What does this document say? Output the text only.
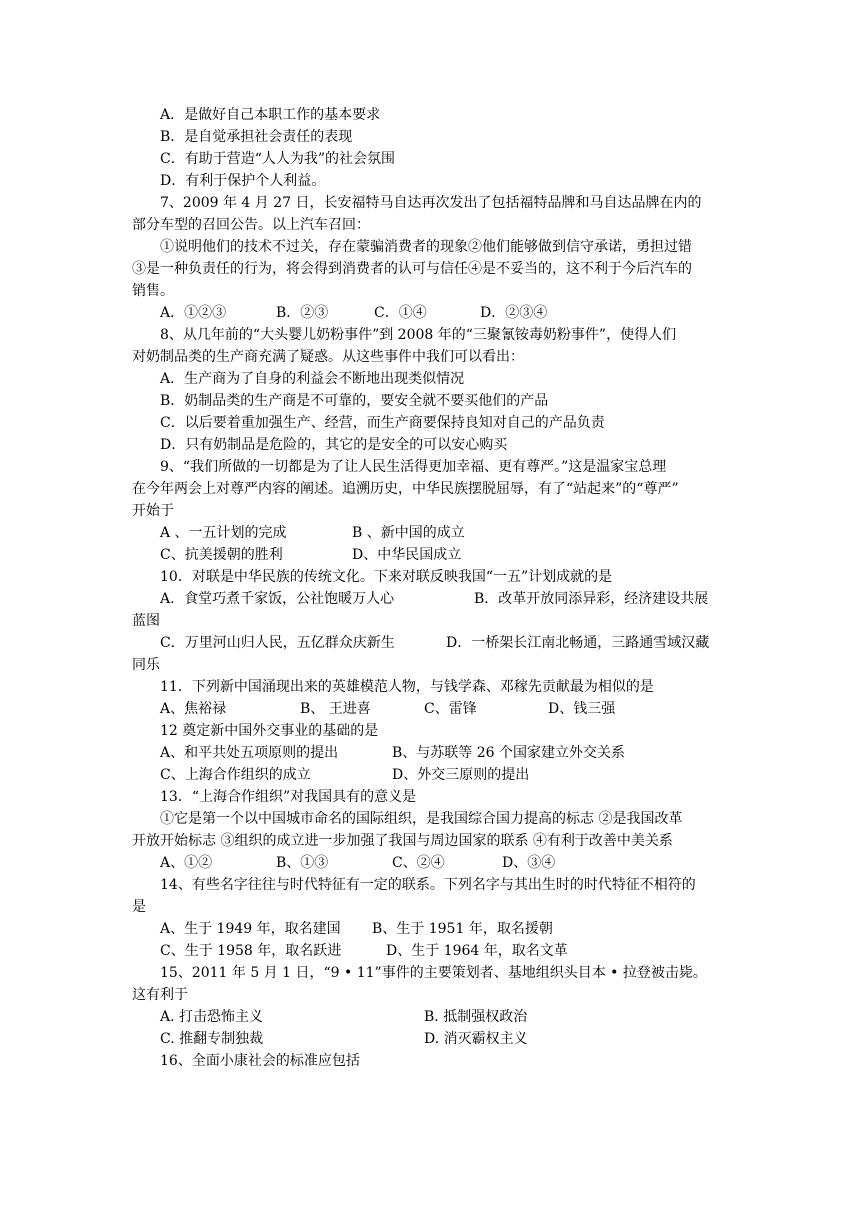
A．是做好自己本职工作的基本要求
B．是自觉承担社会责任的表现
C．有助于营造“人人为我”的社会氛围
D．有利于保护个人利益。
7、2009 年 4 月 27 日，长安福特马自达再次发出了包括福特品牌和马自达品牌在内的
部分车型的召回公告。以上汽车召回：
①说明他们的技术不过关，存在蒙骗消费者的现象②他们能够做到信守承诺，勇担过错
③是一种负责任的行为，将会得到消费者的认可与信任④是不妥当的，这不利于今后汽车的
销售。
A．①②③	B．②③	C．①④	D．②③④
8、从几年前的“大头婴儿奶粉事件”到 2008 年的“三聚氰铵毒奶粉事件”，使得人们
对奶制品类的生产商充满了疑惑。从这些事件中我们可以看出：
A．生产商为了自身的利益会不断地出现类似情况
B．奶制品类的生产商是不可靠的，要安全就不要买他们的产品
C．以后要着重加强生产、经营，而生产商要保持良知对自己的产品负责
D．只有奶制品是危险的，其它的是安全的可以安心购买
9、“我们所做的一切都是为了让人民生活得更加幸福、更有尊严。”这是温家宝总理
在今年两会上对尊严内容的阐述。追溯历史，中华民族摆脱屈辱，有了“站起来”的“尊严”
开始于
A 、一五计划的完成	B 、新中国的成立
C、抗美援朝的胜利	D、中华民国成立
10．对联是中华民族的传统文化。下来对联反映我国“一五”计划成就的是
A．食堂巧煮千家饭，公社饱暖万人心	B．改革开放同添异彩，经济建设共展
蓝图
C．万里河山归人民，五亿群众庆新生	D．一桥架长江南北畅通，三路通雪域汉藏
同乐
11．下列新中国涌现出来的英雄模范人物，与钱学森、邓稼先贡献最为相似的是
A、焦裕禄	B、 王进喜	C、雷锋	D、钱三强
12 奠定新中国外交事业的基础的是
A、和平共处五项原则的提出	B、与苏联等 26 个国家建立外交关系
C、上海合作组织的成立	D、外交三原则的提出
13．“上海合作组织”对我国具有的意义是
①它是第一个以中国城市命名的国际组织，是我国综合国力提高的标志 ②是我国改革
开放开始标志 ③组织的成立进一步加强了我国与周边国家的联系 ④有利于改善中美关系
A、①②	B、①③	C、②④	D、③④
14、有些名字往往与时代特征有一定的联系。下列名字与其出生时的时代特征不相符的
是
A、生于 1949 年，取名建国 B、生于 1951 年，取名援朝
C、生于 1958 年，取名跃进	D、生于 1964 年，取名文革
15、2011 年 5 月 1 日，“9 • 11”事件的主要策划者、基地组织头目本 • 拉登被击毙。
这有利于
A. 打击恐怖主义	B. 抵制强权政治
C. 推翻专制独裁	D. 消灭霸权主义
16、全面小康社会的标准应包括
